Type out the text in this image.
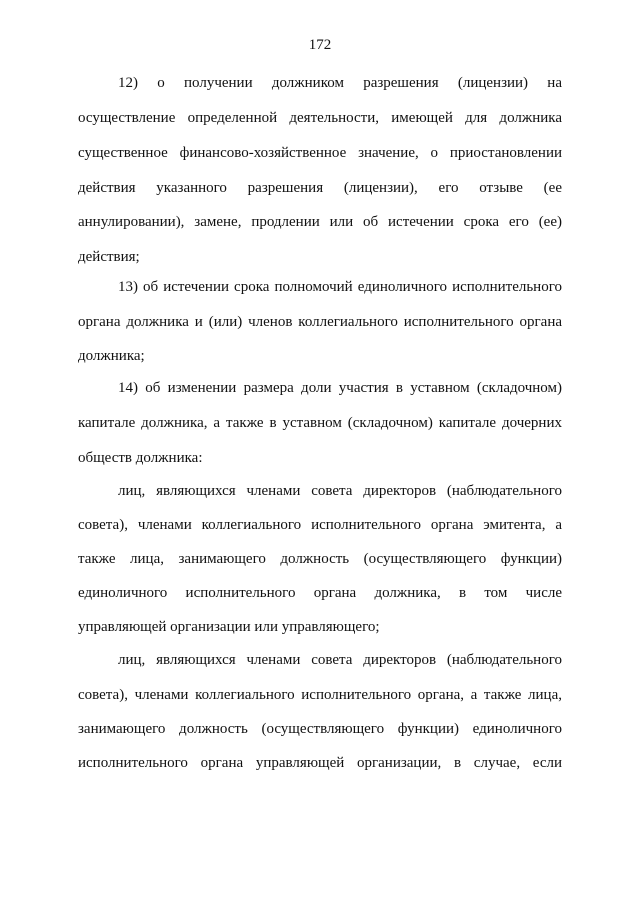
172

12) о получении должником разрешения (лицензии) на

осуществление определенной деятельности, имеющей для должника

существенное финансово-хозяйственное значение, о приостановлении

действия указанного разрешения (лицензии), его отзыве (ее

аннулировании), замене, продлении или об истечении срока его (ее)

действия;

13) об истечении срока полномочий единоличного исполнительного

органа должника и (или) членов коллегиального исполнительного органа

должника;

14) об изменении размера доли участия в уставном (складочном)

капитале должника, а также в уставном (складочном) капитале дочерних

обществ должника:

лиц, являющихся членами совета директоров (наблюдательного

совета), членами коллегиального исполнительного органа эмитента, а

также лица, занимающего должность (осуществляющего функции)

единоличного исполнительного органа должника, в том числе

управляющей организации или управляющего;

лиц, являющихся членами совета директоров (наблюдательного

совета), членами коллегиального исполнительного органа, а также лица,

занимающего должность (осуществляющего функции) единоличного

исполнительного органа управляющей организации, в случае, если
